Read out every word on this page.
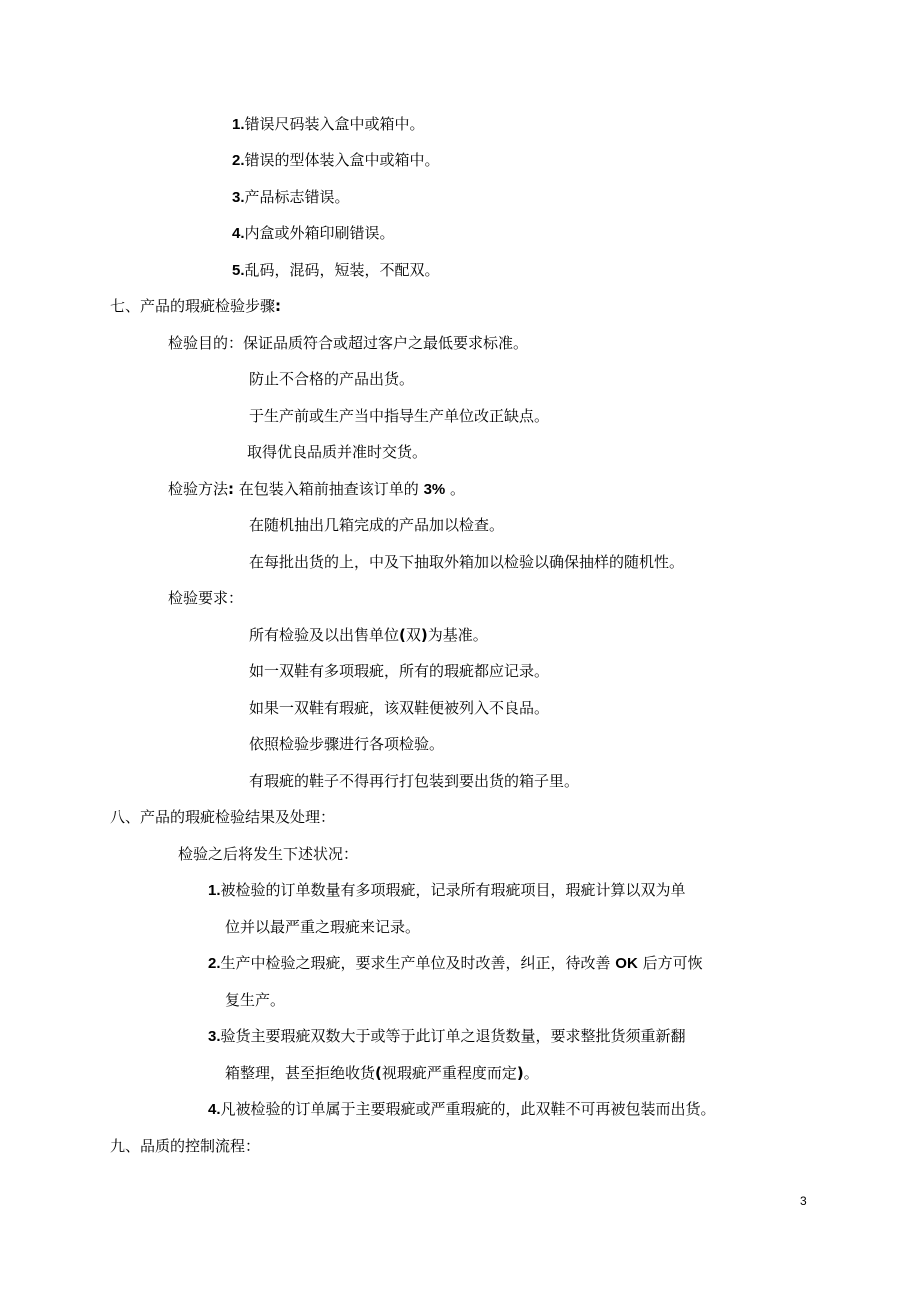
1.错误尺码装入盒中或箱中。
2.错误的型体装入盒中或箱中。
3.产品标志错误。
4.内盒或外箱印刷错误。
5.乱码，混码，短装，不配双。
七、产品的瑕疵检验步骤:
检验目的：保证品质符合或超过客户之最低要求标准。
防止不合格的产品出货。
于生产前或生产当中指导生产单位改正缺点。
取得优良品质并准时交货。
检验方法: 在包装入箱前抽查该订单的 3% 。
在随机抽出几箱完成的产品加以检查。
在每批出货的上，中及下抽取外箱加以检验以确保抽样的随机性。
检验要求：
所有检验及以出售单位(双)为基准。
如一双鞋有多项瑕疵，所有的瑕疵都应记录。
如果一双鞋有瑕疵，该双鞋便被列入不良品。
依照检验步骤进行各项检验。
有瑕疵的鞋子不得再行打包装到要出货的箱子里。
八、产品的瑕疵检验结果及处理：
检验之后将发生下述状况：
1.被检验的订单数量有多项瑕疵，记录所有瑕疵项目，瑕疵计算以双为单
位并以最严重之瑕疵来记录。
2.生产中检验之瑕疵，要求生产单位及时改善，纠正，待改善 OK 后方可恢
复生产。
3.验货主要瑕疵双数大于或等于此订单之退货数量，要求整批货须重新翻
箱整理，甚至拒绝收货(视瑕疵严重程度而定)。
4.凡被检验的订单属于主要瑕疵或严重瑕疵的，此双鞋不可再被包装而出货。
九、品质的控制流程：
3
